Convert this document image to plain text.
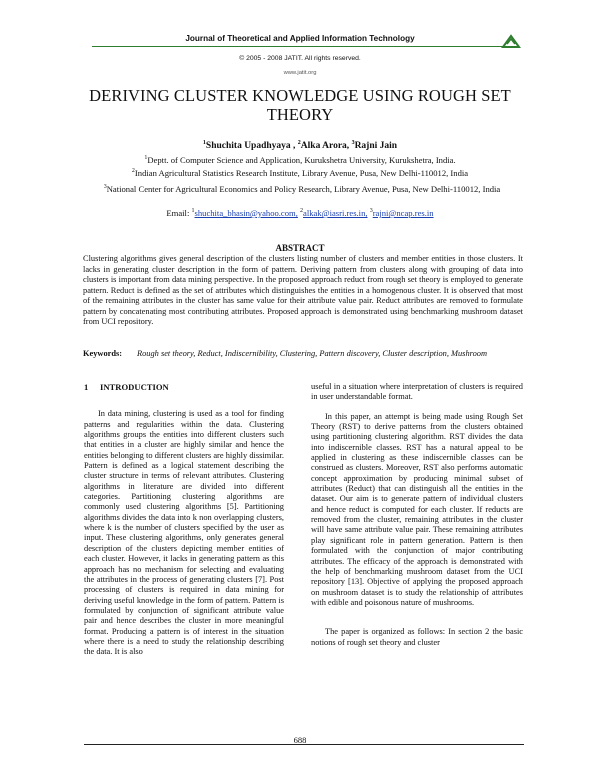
Journal of Theoretical and Applied Information Technology
© 2005 - 2008 JATIT. All rights reserved.
www.jatit.org
DERIVING CLUSTER KNOWLEDGE USING ROUGH SET
THEORY
$^1$Shuchita Upadhyaya , $^2$Alka Arora, $^3$Rajni Jain
$^1$Deptt. of Computer Science and Application, Kurukshetra University, Kurukshetra, India.
$^2$Indian Agricultural Statistics Research Institute, Library Avenue, Pusa, New Delhi-110012, India
$^3$National Center for Agricultural Economics and Policy Research, Library Avenue, Pusa, New Delhi-110012, India
Email: $^1$shuchita_bhasin@yahoo.com, $^2$alkak@iasri.res.in, $^3$rajni@ncap.res.in
ABSTRACT
Clustering algorithms gives general description of the clusters listing number of clusters and member entities in those clusters. It lacks in generating cluster description in the form of pattern. Deriving pattern from clusters along with grouping of data into clusters is important from data mining perspective. In the proposed approach reduct from rough set theory is employed to generate pattern. Reduct is defined as the set of attributes which distinguishes the entities in a homogenous cluster. It is observed that most of the remaining attributes in the cluster has same value for their attribute value pair. Reduct attributes are removed to formulate pattern by concatenating most contributing attributes. Proposed approach is demonstrated using benchmarking mushroom dataset from UCI repository.
Keywords: Rough set theory, Reduct, Indiscernibility, Clustering, Pattern discovery, Cluster description, Mushroom
1 INTRODUCTION

In data mining, clustering is used as a tool for finding patterns and regularities within the data. Clustering algorithms groups the entities into different clusters such that entities in a cluster are highly similar and hence the entities belonging to different clusters are highly dissimilar. Pattern is defined as a logical statement describing the cluster structure in terms of relevant attributes. Clustering algorithms in literature are divided into different categories. Partitioning clustering algorithms are commonly used clustering algorithms [5]. Partitioning algorithms divides the data into k non overlapping clusters, where k is the number of clusters specified by the user as input. These clustering algorithms, only generates general description of the clusters depicting member entities of each cluster. However, it lacks in generating pattern as this approach has no mechanism for selecting and evaluating the attributes in the process of generating clusters [7]. Post processing of clusters is required in data mining for deriving useful knowledge in the form of pattern. Pattern is formulated by conjunction of significant attribute value pair and hence describes the cluster in more meaningful format. Producing a pattern is of interest in the situation where there is a need to study the relationship describing the data. It is also

useful in a situation where interpretation of clusters is required in user understandable format.

In this paper, an attempt is being made using Rough Set Theory (RST) to derive patterns from the clusters obtained using partitioning clustering algorithm. RST divides the data into indiscernible classes. RST has a natural appeal to be applied in clustering as these indiscernible classes can be construed as clusters. Moreover, RST also performs automatic concept approximation by producing minimal subset of attributes (Reduct) that can distinguish all the entities in the dataset. Our aim is to generate pattern of individual clusters and hence reduct is computed for each cluster. If reducts are removed from the cluster, remaining attributes in the cluster will have same attribute value pair. These remaining attributes play significant role in pattern generation. Pattern is then formulated with the conjunction of major contributing attributes. The efficacy of the approach is demonstrated with the help of benchmarking mushroom dataset from the UCI repository [13]. Objective of applying the proposed approach on mushroom dataset is to study the relationship of attributes with edible and poisonous nature of mushrooms.

The paper is organized as follows: In section 2 the basic notions of rough set theory and cluster

688
